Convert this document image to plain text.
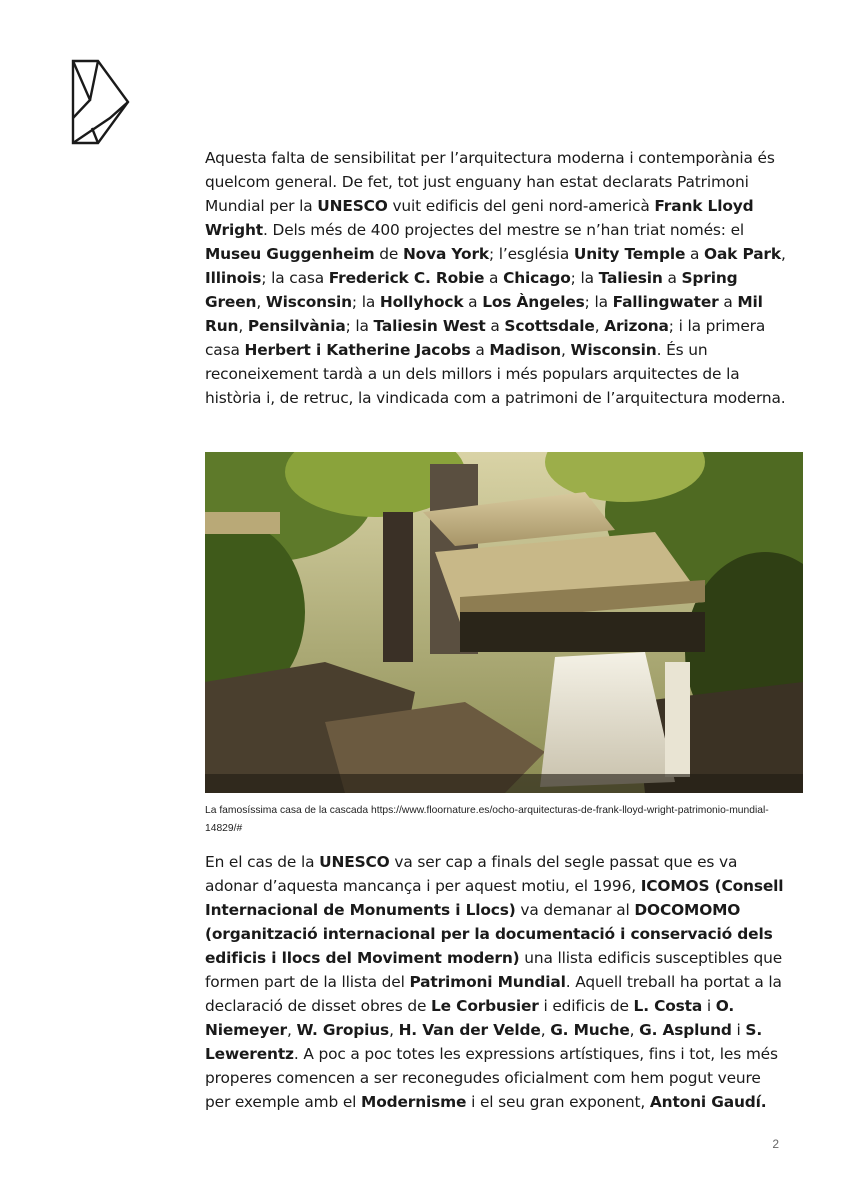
Aquesta falta de sensibilitat per l’arquitectura moderna i contemporània és quelcom general. De fet, tot just enguany han estat declarats Patrimoni Mundial per la UNESCO vuit edificis del geni nord-americà Frank Lloyd Wright. Dels més de 400 projectes del mestre se n’han triat només: el Museu Guggenheim de Nova York; l’església Unity Temple a Oak Park, Illinois; la casa Frederick C. Robie a Chicago; la Taliesin a Spring Green, Wisconsin; la Hollyhock a Los Àngeles; la Fallingwater a Mil Run, Pensilvània; la Taliesin West a Scottsdale, Arizona; i la primera casa Herbert i Katherine Jacobs a Madison, Wisconsin. És un reconeixement tardà a un dels millors i més populars arquitectes de la història i, de retruc, la vindicada com a patrimoni de l’arquitectura moderna.

La famosíssima casa de la cascada https://www.floornature.es/ocho-arquitecturas-de-frank-lloyd-wright-patrimonio-mundial-14829/#

En el cas de la UNESCO va ser cap a finals del segle passat que es va adonar d’aquesta mancança i per aquest motiu, el 1996, ICOMOS (Consell Internacional de Monuments i Llocs) va demanar al DOCOMOMO (organització internacional per la documentació i conservació dels edificis i llocs del Moviment modern) una llista edificis susceptibles que formen part de la llista del Patrimoni Mundial. Aquell treball ha portat a la declaració de disset obres de Le Corbusier i edificis de L. Costa i O. Niemeyer, W. Gropius, H. Van der Velde, G. Muche, G. Asplund i S. Lewerentz. A poc a poc totes les expressions artístiques, fins i tot, les més properes comencen a ser reconegudes oficialment com hem pogut veure per exemple amb el Modernisme i el seu gran exponent, Antoni Gaudí.

2
